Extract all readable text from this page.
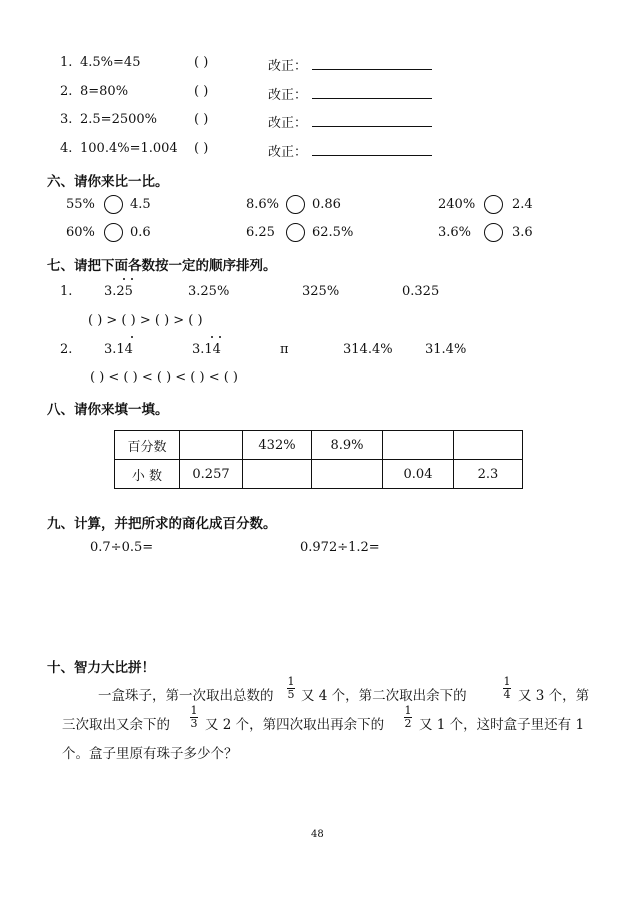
1. 4.5%=45	( )	改正：
2. 8=80%	( )	改正：
3. 2.5=2500%	( )	改正：
4. 100.4%=1.004 ( )	改正：
六、请你来比一比。
55%	4.5	8.6%	0.86	240%	2.4
60%	0.6	6.25	62.5%	3.6%	3.6
七、请把下面各数按一定的顺序排列。
1. 3.25	3.25%	325%	0.325
( ) > ( ) > ( ) > ( )
2. 3.14	3.14	π	314.4% 31.4%
( ) < ( ) < ( ) < ( ) < ( )
八、请你来填一填。
百分数		432%	8.9%		
小 数	0.257			0.04	2.3
九、计算，并把所求的商化成百分数。
0.7÷0.5=	0.972÷1.2=
十、智力大比拼！
一盒珠子，第一次取出总数的
1
5 又 4 个，第二次取出余下的
1
4 又 3 个，第
三次取出又余下的
1
3 又 2 个，第四次取出再余下的
1
2 又 1 个，这时盒子里还有 1
个。盒子里原有珠子多少个？
48
